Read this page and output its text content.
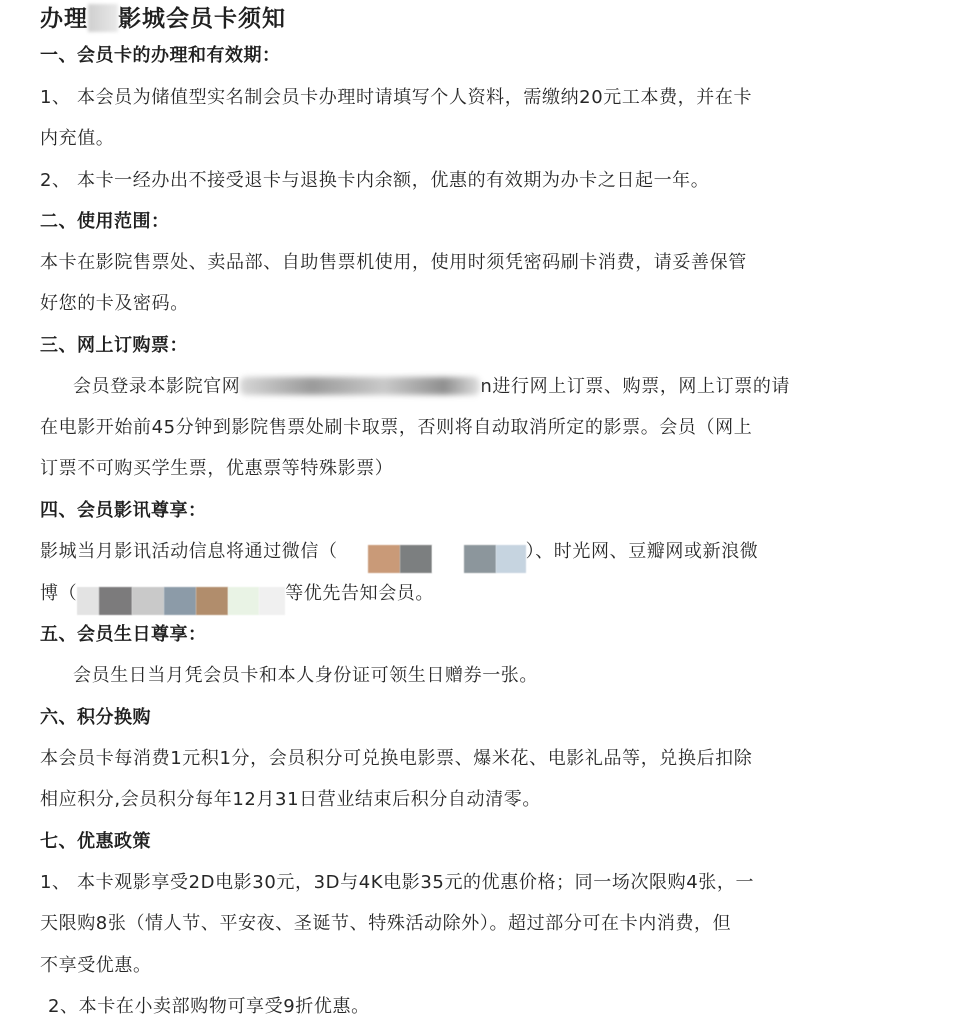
办理 影城会员卡须知
一、会员卡的办理和有效期：
1、 本会员为储值型实名制会员卡办理时请填写个人资料，需缴纳20元工本费，并在卡
内充值。
2、 本卡一经办出不接受退卡与退换卡内余额，优惠的有效期为办卡之日起一年。
二、使用范围：
本卡在影院售票处、卖品部、自助售票机使用，使用时须凭密码刷卡消费，请妥善保管
好您的卡及密码。
三、网上订购票：
会员登录本影院官网	n进行网上订票、购票，网上订票的请
在电影开始前45分钟到影院售票处刷卡取票，否则将自动取消所定的影票。会员（网上
订票不可购买学生票，优惠票等特殊影票）
四、会员影讯尊享：
影城当月影讯活动信息将通过微信（	）、时光网、豆瓣网或新浪微
博（	等优先告知会员。
五、会员生日尊享：
会员生日当月凭会员卡和本人身份证可领生日赠券一张。
六、积分换购
本会员卡每消费1元积1分，会员积分可兑换电影票、爆米花、电影礼品等，兑换后扣除
相应积分,会员积分每年12月31日营业结束后积分自动清零。
七、优惠政策
1、 本卡观影享受2D电影30元，3D与4K电影35元的优惠价格；同一场次限购4张，一
天限购8张（情人节、平安夜、圣诞节、特殊活动除外）。超过部分可在卡内消费，但
不享受优惠。
2、本卡在小卖部购物可享受9折优惠。
